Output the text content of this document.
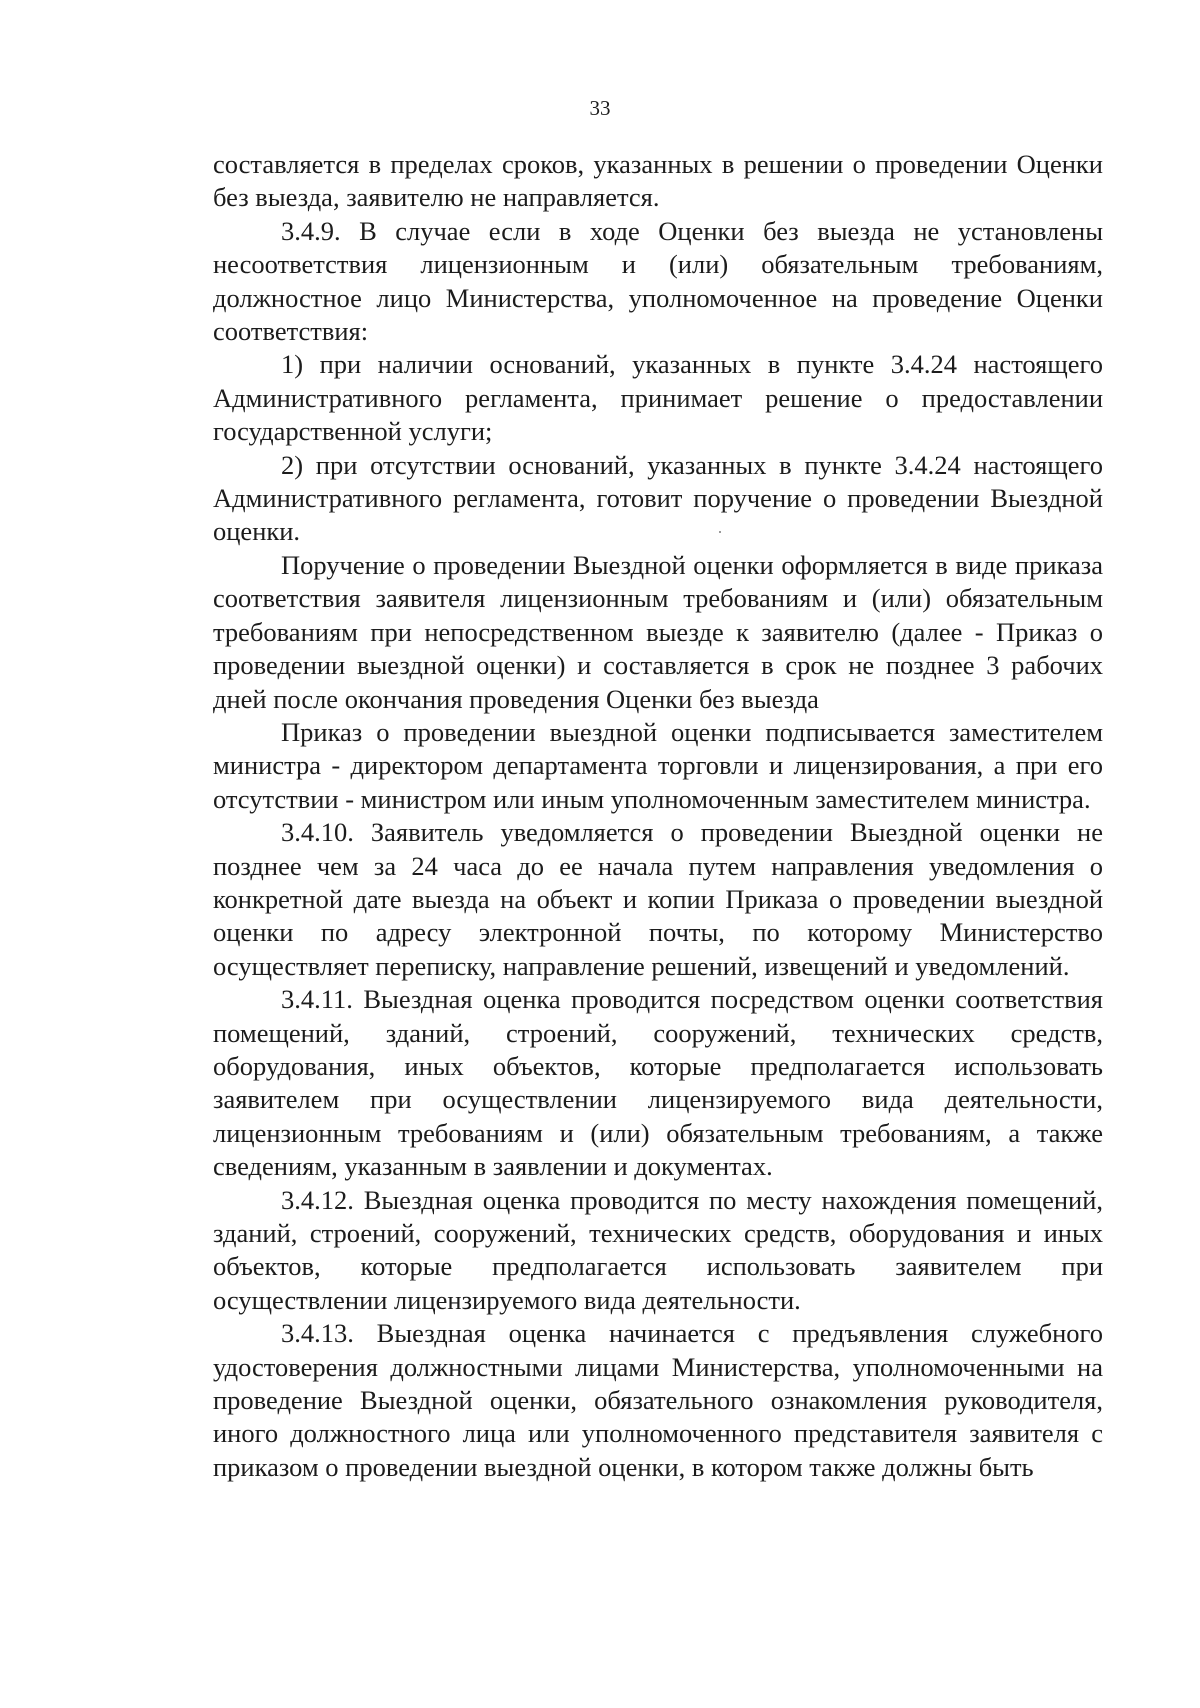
33

составляется в пределах сроков, указанных в решении о проведении Оценки без выезда, заявителю не направляется.

3.4.9. В случае если в ходе Оценки без выезда не установлены несоответствия лицензионным и (или) обязательным требованиям, должностное лицо Министерства, уполномоченное на проведение Оценки соответствия:

1) при наличии оснований, указанных в пункте 3.4.24 настоящего Административного регламента, принимает решение о предоставлении государственной услуги;

2) при отсутствии оснований, указанных в пункте 3.4.24 настоящего Административного регламента, готовит поручение о проведении Выездной оценки.

Поручение о проведении Выездной оценки оформляется в виде приказа соответствия заявителя лицензионным требованиям и (или) обязательным требованиям при непосредственном выезде к заявителю (далее - Приказ о проведении выездной оценки) и составляется в срок не позднее 3 рабочих дней после окончания проведения Оценки без выезда

Приказ о проведении выездной оценки подписывается заместителем министра - директором департамента торговли и лицензирования, а при его отсутствии - министром или иным уполномоченным заместителем министра.

3.4.10. Заявитель уведомляется о проведении Выездной оценки не позднее чем за 24 часа до ее начала путем направления уведомления о конкретной дате выезда на объект и копии Приказа о проведении выездной оценки по адресу электронной почты, по которому Министерство осуществляет переписку, направление решений, извещений и уведомлений.

3.4.11. Выездная оценка проводится посредством оценки соответствия помещений, зданий, строений, сооружений, технических средств, оборудования, иных объектов, которые предполагается использовать заявителем при осуществлении лицензируемого вида деятельности, лицензионным требованиям и (или) обязательным требованиям, а также сведениям, указанным в заявлении и документах.

3.4.12. Выездная оценка проводится по месту нахождения помещений, зданий, строений, сооружений, технических средств, оборудования и иных объектов, которые предполагается использовать заявителем при осуществлении лицензируемого вида деятельности.

3.4.13. Выездная оценка начинается с предъявления служебного удостоверения должностными лицами Министерства, уполномоченными на проведение Выездной оценки, обязательного ознакомления руководителя, иного должностного лица или уполномоченного представителя заявителя с приказом о проведении выездной оценки, в котором также должны быть
